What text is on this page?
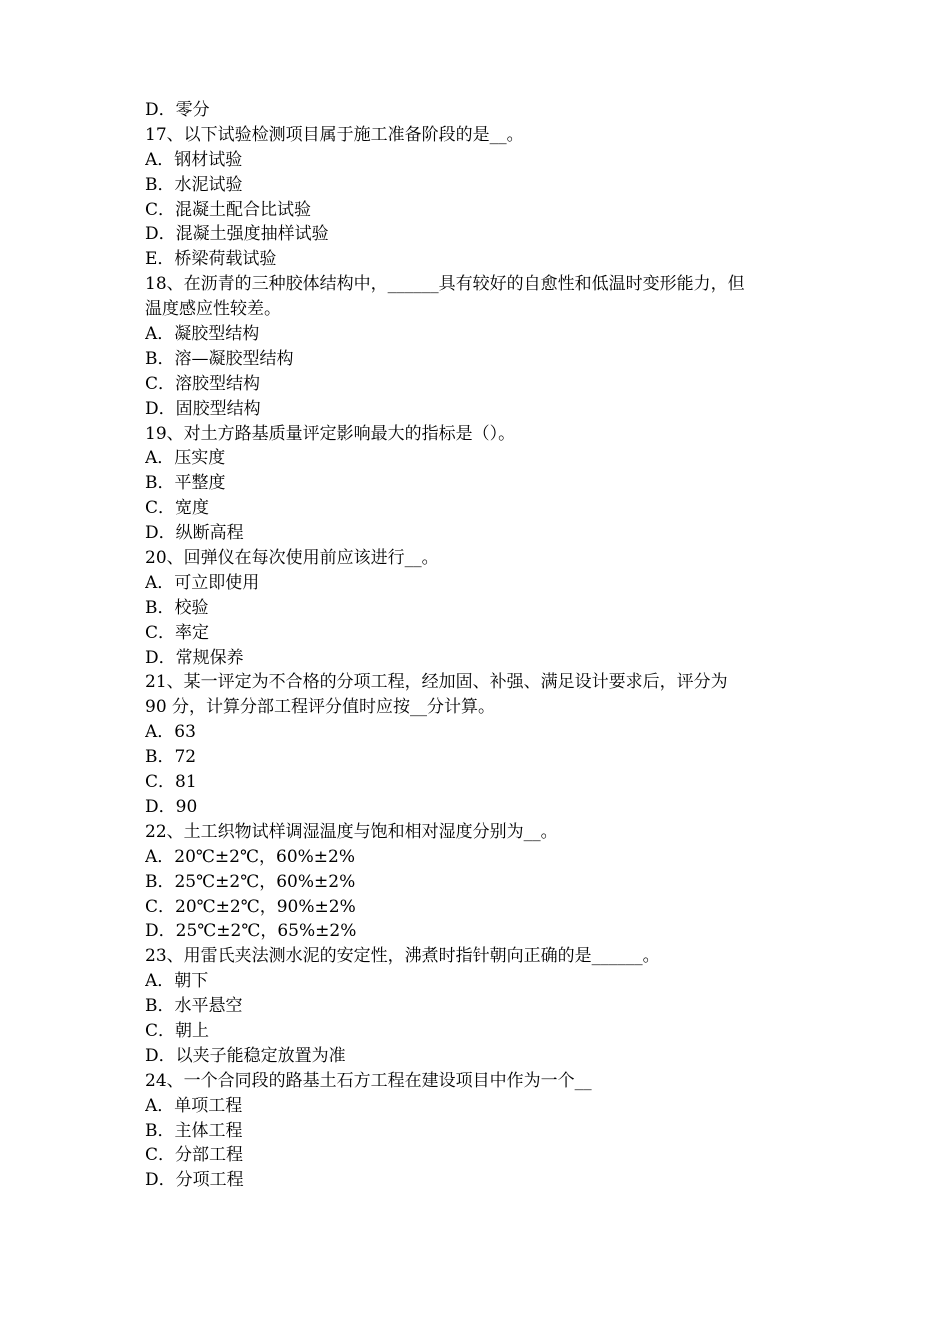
D．零分
17、以下试验检测项目属于施工准备阶段的是__。
A．钢材试验
B．水泥试验
C．混凝土配合比试验
D．混凝土强度抽样试验
E．桥梁荷载试验
18、在沥青的三种胶体结构中，______具有较好的自愈性和低温时变形能力，但
温度感应性较差。
A．凝胶型结构
B．溶—凝胶型结构
C．溶胶型结构
D．固胶型结构
19、对土方路基质量评定影响最大的指标是（）。
A．压实度
B．平整度
C．宽度
D．纵断高程
20、回弹仪在每次使用前应该进行__。
A．可立即使用
B．校验
C．率定
D．常规保养
21、某一评定为不合格的分项工程，经加固、补强、满足设计要求后，评分为
90 分，计算分部工程评分值时应按__分计算。
A．63
B．72
C．81
D．90
22、土工织物试样调湿温度与饱和相对湿度分别为__。
A．20℃±2℃，60%±2%
B．25℃±2℃，60%±2%
C．20℃±2℃，90%±2%
D．25℃±2℃，65%±2%
23、用雷氏夹法测水泥的安定性，沸煮时指针朝向正确的是______。
A．朝下
B．水平悬空
C．朝上
D．以夹子能稳定放置为准
24、一个合同段的路基土石方工程在建设项目中作为一个__
A．单项工程
B．主体工程
C．分部工程
D．分项工程
